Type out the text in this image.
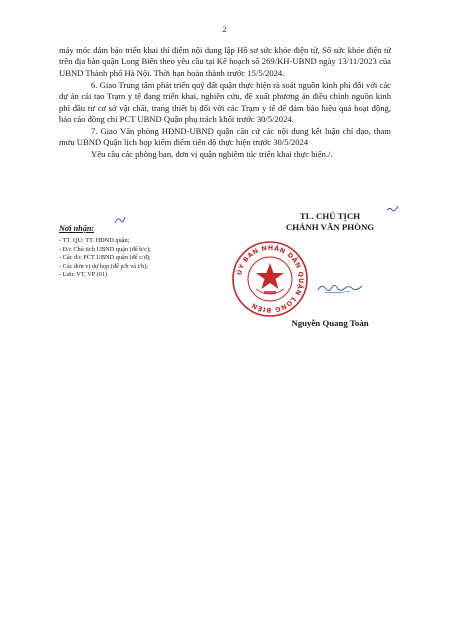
2

máy móc đảm bảo triển khai thí điểm nội dung lập Hồ sơ sức khỏe điện tử, Sổ sức khỏe điện tử trên địa bàn quận Long Biên theo yêu cầu tại Kế hoạch số 269/KH-UBND ngày 13/11/2023 của UBND Thành phố Hà Nội. Thời hạn hoàn thành trước 15/5/2024.

6. Giao Trung tâm phát triển quỹ đất quận thực hiện rà soát nguồn kinh phí đối với các dự án cải tạo Trạm y tế đang triển khai, nghiên cứu, đề xuất phương án điều chỉnh nguồn kinh phí đầu tư cơ sở vật chất, trang thiết bị đối với các Trạm y tế để đảm bảo hiệu quả hoạt động, báo cáo đồng chí PCT UBND Quận phụ trách khối trước 30/5/2024.

7. Giao Văn phòng HĐND-UBND quận căn cứ các nội dung kết luận chỉ đạo, tham mưu UBND Quận lịch họp kiểm điểm tiến độ thực hiện trước 30/5/2024

Yêu cầu các phòng ban, đơn vị quận nghiêm túc triển khai thực hiện./.

Nơi nhận:
- TT. QU; TT. HĐND quận;
- Đ/c Chủ tịch UBND quận (để b/c);
- Các đ/c PCT UBND quận (để c/đ);
- Các đơn vị dự họp (để p/h và t/h);
- Lưu: VT, VP (01)
TL. CHỦ TỊCH
CHÁNH VĂN PHÒNG
Nguyễn Quang Toàn
ỦY BAN NHÂN DÂN QUẬN LONG BIÊN
